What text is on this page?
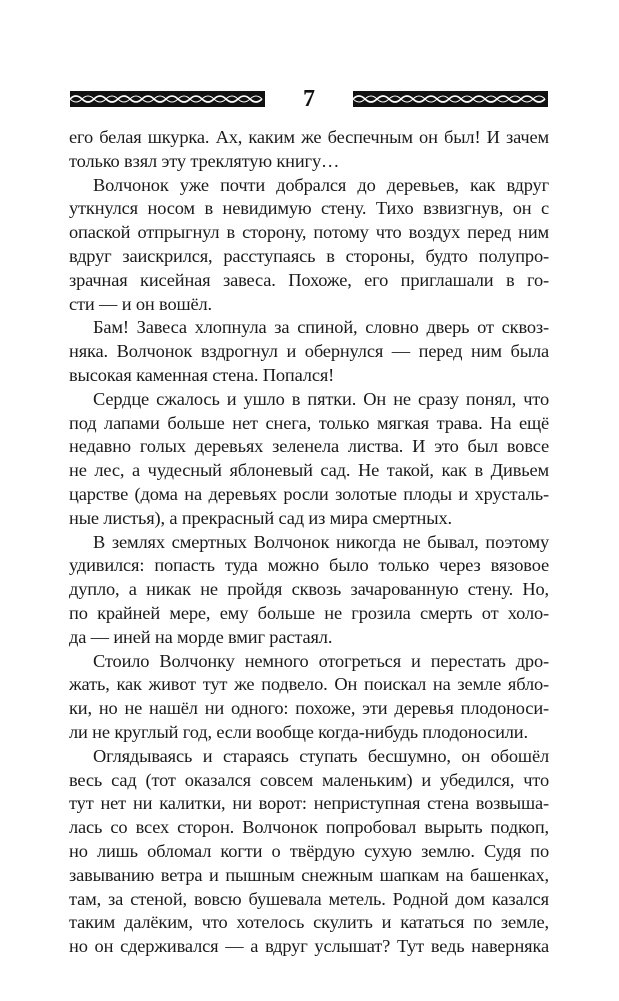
7

его белая шкурка. Ах, каким же беспечным он был! И зачем

только взял эту треклятую книгу…

Волчонок уже почти добрался до деревьев, как вдруг

уткнулся носом в невидимую стену. Тихо взвизгнув, он с

опаской отпрыгнул в сторону, потому что воздух перед ним

вдруг заискрился, расступаясь в стороны, будто полупро-

зрачная кисейная завеса. Похоже, его приглашали в го-

сти — и он вошёл.

Бам! Завеса хлопнула за спиной, словно дверь от сквоз-

няка. Волчонок вздрогнул и обернулся — перед ним была

высокая каменная стена. Попался!

Сердце сжалось и ушло в пятки. Он не сразу понял, что

под лапами больше нет снега, только мягкая трава. На ещё

недавно голых деревьях зеленела листва. И это был вовсе

не лес, а чудесный яблоневый сад. Не такой, как в Дивьем

царстве (дома на деревьях росли золотые плоды и хрусталь-

ные листья), а прекрасный сад из мира смертных.

В землях смертных Волчонок никогда не бывал, поэтому

удивился: попасть туда можно было только через вязовое

дупло, а никак не пройдя сквозь зачарованную стену. Но,

по крайней мере, ему больше не грозила смерть от холо-

да — иней на морде вмиг растаял.

Стоило Волчонку немного отогреться и перестать дро-

жать, как живот тут же подвело. Он поискал на земле ябло-

ки, но не нашёл ни одного: похоже, эти деревья плодоноси-

ли не круглый год, если вообще когда-нибудь плодоносили.

Оглядываясь и стараясь ступать бесшумно, он обошёл

весь сад (тот оказался совсем маленьким) и убедился, что

тут нет ни калитки, ни ворот: неприступная стена возвыша-

лась со всех сторон. Волчонок попробовал вырыть подкоп,

но лишь обломал когти о твёрдую сухую землю. Судя по

завыванию ветра и пышным снежным шапкам на башенках,

там, за стеной, вовсю бушевала метель. Родной дом казался

таким далёким, что хотелось скулить и кататься по земле,

но он сдерживался — а вдруг услышат? Тут ведь наверняка
